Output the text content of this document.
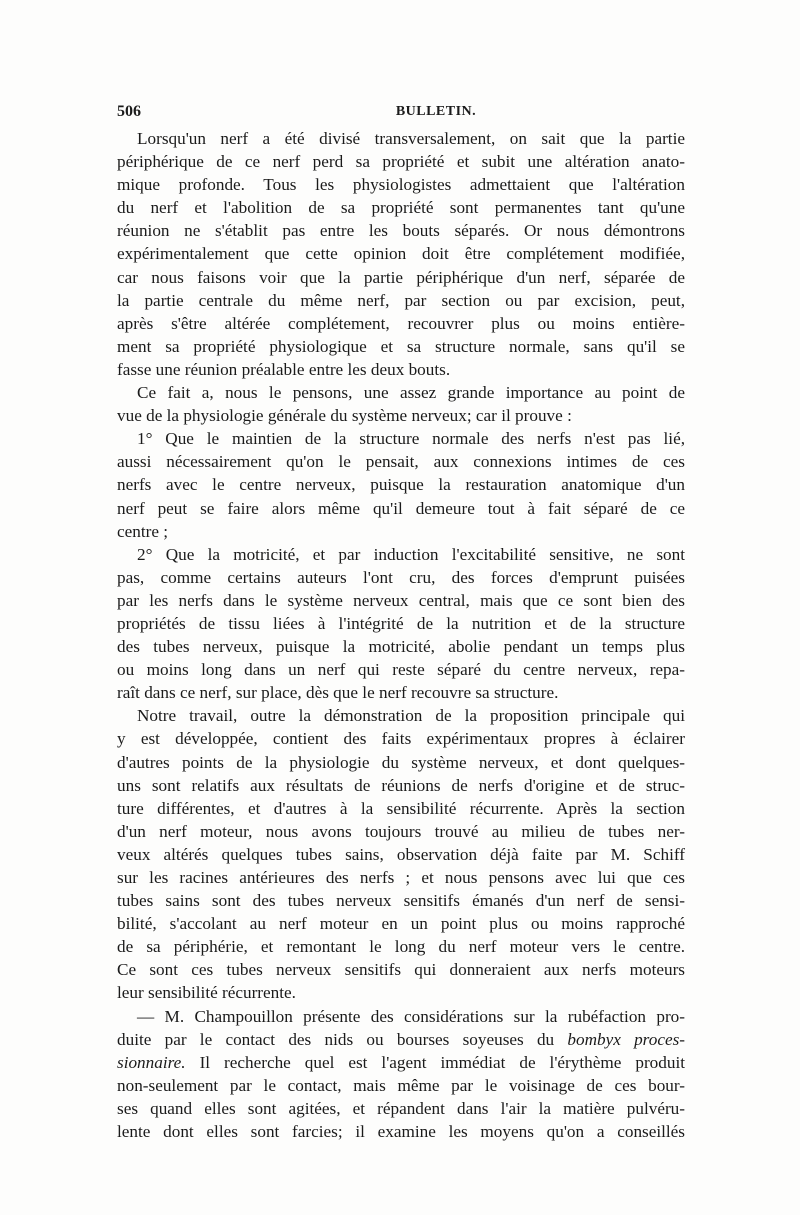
506	BULLETIN.
Lorsqu'un nerf a été divisé transversalement, on sait que la partie
périphérique de ce nerf perd sa propriété et subit une altération anato-
mique profonde. Tous les physiologistes admettaient que l'altération
du nerf et l'abolition de sa propriété sont permanentes tant qu'une
réunion ne s'établit pas entre les bouts séparés. Or nous démontrons
expérimentalement que cette opinion doit être complétement modifiée,
car nous faisons voir que la partie périphérique d'un nerf, séparée de
la partie centrale du même nerf, par section ou par excision, peut,
après s'être altérée complétement, recouvrer plus ou moins entière-
ment sa propriété physiologique et sa structure normale, sans qu'il se
fasse une réunion préalable entre les deux bouts.
Ce fait a, nous le pensons, une assez grande importance au point de
vue de la physiologie générale du système nerveux; car il prouve :
1° Que le maintien de la structure normale des nerfs n'est pas lié,
aussi nécessairement qu'on le pensait, aux connexions intimes de ces
nerfs avec le centre nerveux, puisque la restauration anatomique d'un
nerf peut se faire alors même qu'il demeure tout à fait séparé de ce
centre ;
2° Que la motricité, et par induction l'excitabilité sensitive, ne sont
pas, comme certains auteurs l'ont cru, des forces d'emprunt puisées
par les nerfs dans le système nerveux central, mais que ce sont bien des
propriétés de tissu liées à l'intégrité de la nutrition et de la structure
des tubes nerveux, puisque la motricité, abolie pendant un temps plus
ou moins long dans un nerf qui reste séparé du centre nerveux, repa-
raît dans ce nerf, sur place, dès que le nerf recouvre sa structure.
Notre travail, outre la démonstration de la proposition principale qui
y est développée, contient des faits expérimentaux propres à éclairer
d'autres points de la physiologie du système nerveux, et dont quelques-
uns sont relatifs aux résultats de réunions de nerfs d'origine et de struc-
ture différentes, et d'autres à la sensibilité récurrente. Après la section
d'un nerf moteur, nous avons toujours trouvé au milieu de tubes ner-
veux altérés quelques tubes sains, observation déjà faite par M. Schiff
sur les racines antérieures des nerfs ; et nous pensons avec lui que ces
tubes sains sont des tubes nerveux sensitifs émanés d'un nerf de sensi-
bilité, s'accolant au nerf moteur en un point plus ou moins rapproché
de sa périphérie, et remontant le long du nerf moteur vers le centre.
Ce sont ces tubes nerveux sensitifs qui donneraient aux nerfs moteurs
leur sensibilité récurrente.
— M. Champouillon présente des considérations sur la rubéfaction pro-
duite par le contact des nids ou bourses soyeuses du bombyx proces-
sionnaire. Il recherche quel est l'agent immédiat de l'érythème produit
non-seulement par le contact, mais même par le voisinage de ces bour-
ses quand elles sont agitées, et répandent dans l'air la matière pulvéru-
lente dont elles sont farcies; il examine les moyens qu'on a conseillés
